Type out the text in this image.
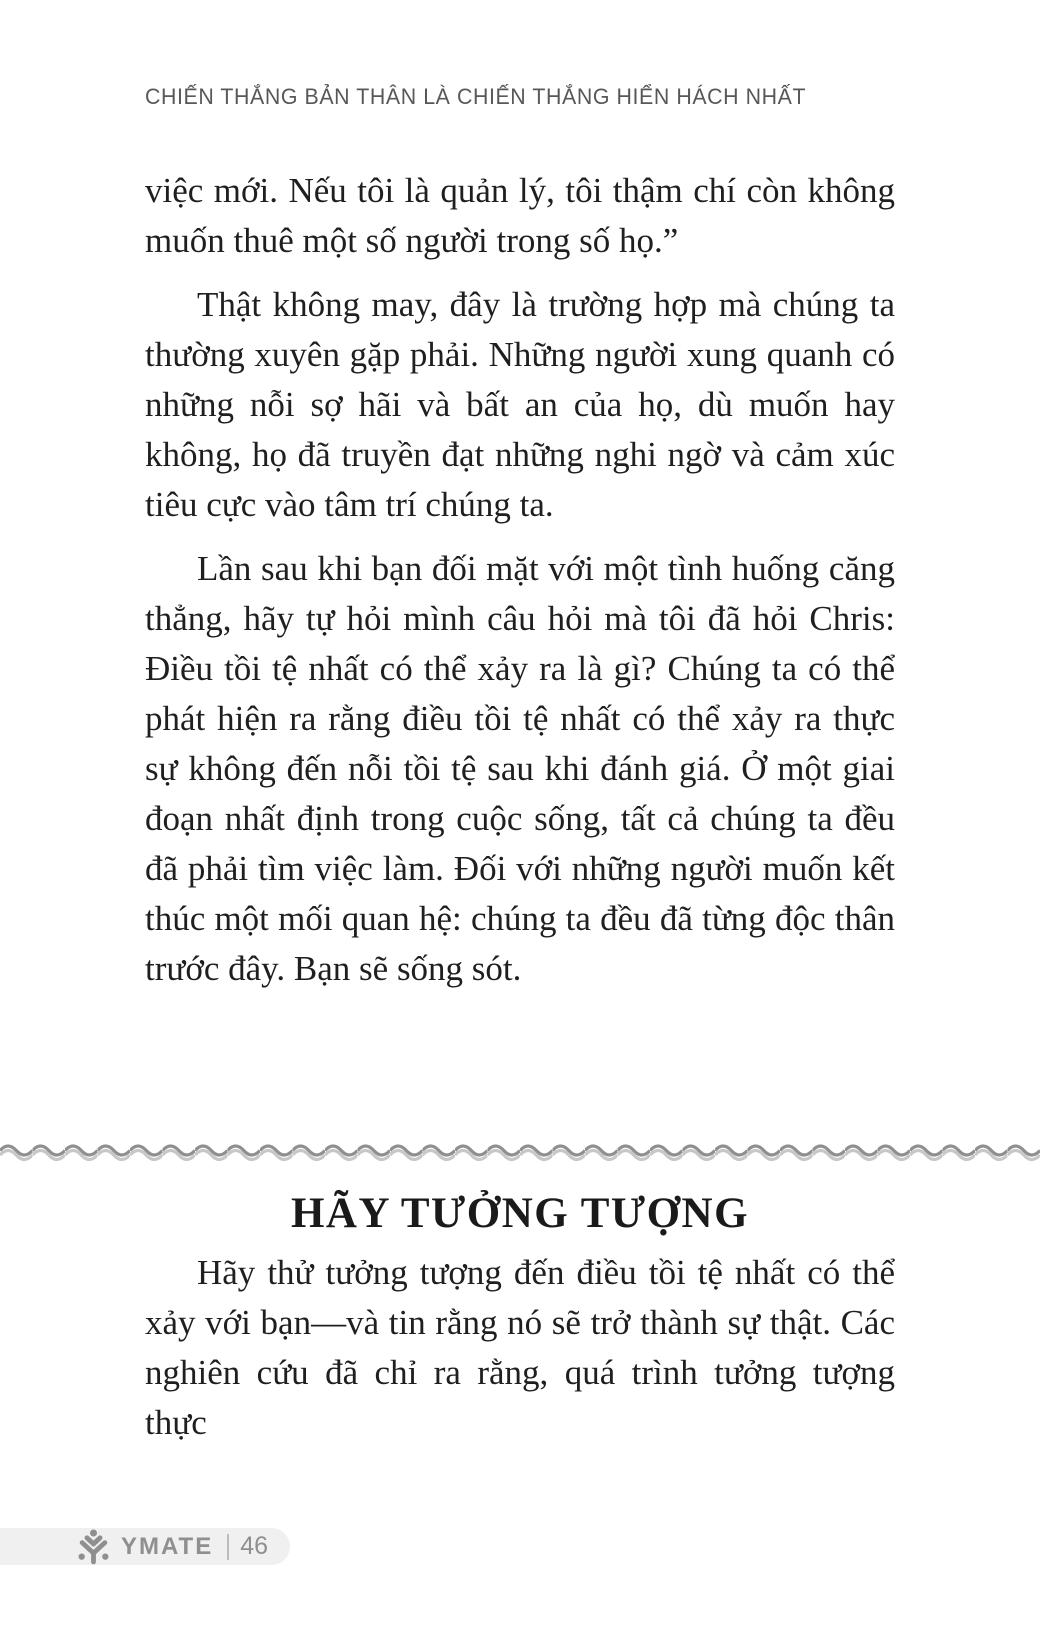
CHIẾN THẮNG BẢN THÂN LÀ CHIẾN THẮNG HIỂN HÁCH NHẤT

việc mới. Nếu tôi là quản lý, tôi thậm chí còn không muốn thuê một số người trong số họ.”

Thật không may, đây là trường hợp mà chúng ta thường xuyên gặp phải. Những người xung quanh có những nỗi sợ hãi và bất an của họ, dù muốn hay không, họ đã truyền đạt những nghi ngờ và cảm xúc tiêu cực vào tâm trí chúng ta.

Lần sau khi bạn đối mặt với một tình huống căng thẳng, hãy tự hỏi mình câu hỏi mà tôi đã hỏi Chris: Điều tồi tệ nhất có thể xảy ra là gì? Chúng ta có thể phát hiện ra rằng điều tồi tệ nhất có thể xảy ra thực sự không đến nỗi tồi tệ sau khi đánh giá. Ở một giai đoạn nhất định trong cuộc sống, tất cả chúng ta đều đã phải tìm việc làm. Đối với những người muốn kết thúc một mối quan hệ: chúng ta đều đã từng độc thân trước đây. Bạn sẽ sống sót.

HÃY TƯỞNG TƯỢNG

Hãy thử tưởng tượng đến điều tồi tệ nhất có thể xảy với bạn—và tin rằng nó sẽ trở thành sự thật. Các nghiên cứu đã chỉ ra rằng, quá trình tưởng tượng thực

YMATE 46
